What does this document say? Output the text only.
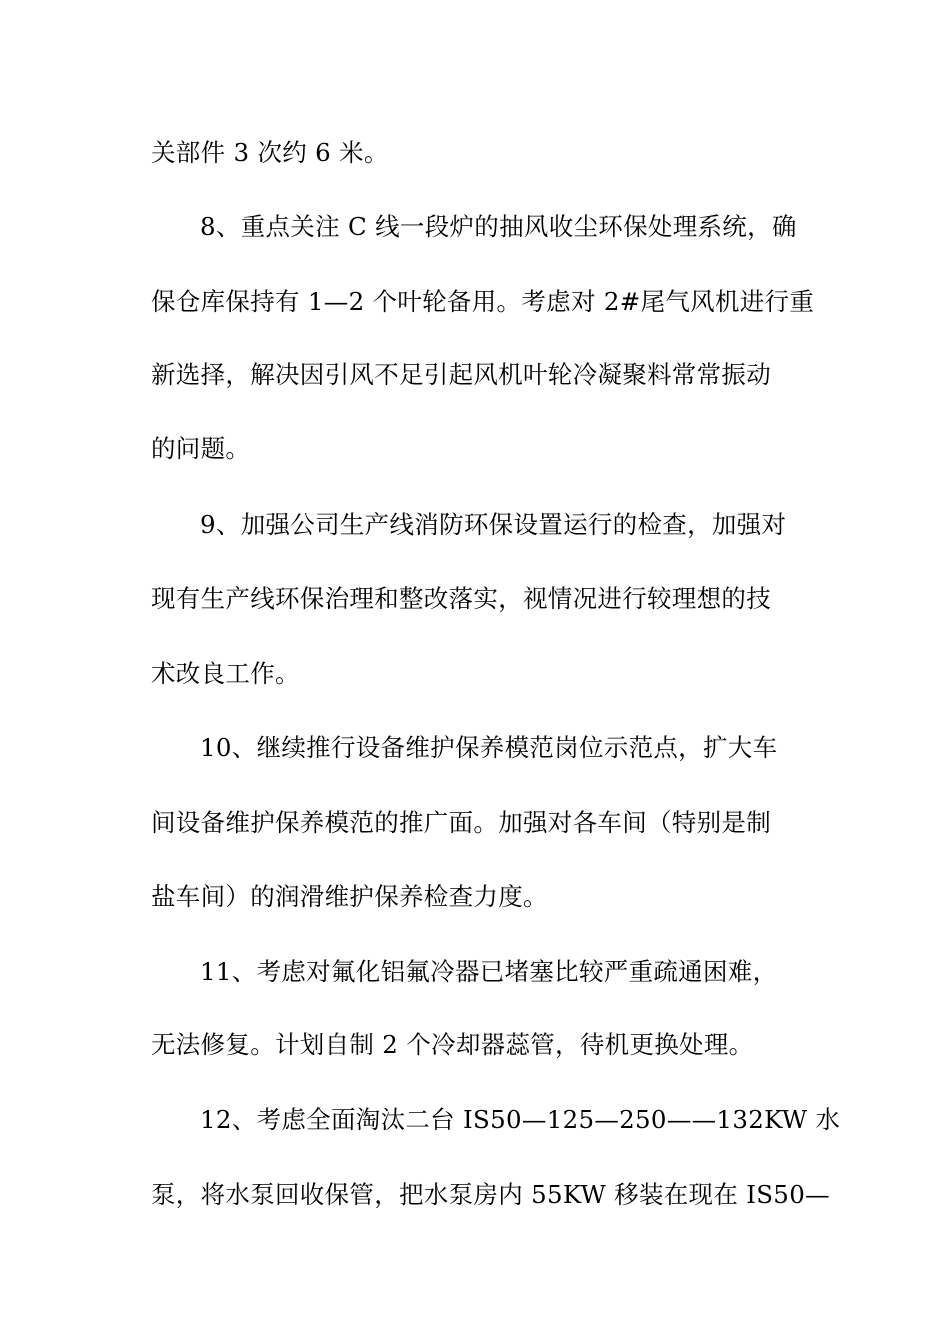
关部件 3 次约 6 米。
8、重点关注 C 线一段炉的抽风收尘环保处理系统，确
保仓库保持有 1—2 个叶轮备用。考虑对 2#尾气风机进行重
新选择，解决因引风不足引起风机叶轮冷凝聚料常常振动
的问题。
9、加强公司生产线消防环保设置运行的检查，加强对
现有生产线环保治理和整改落实，视情况进行较理想的技
术改良工作。
10、继续推行设备维护保养模范岗位示范点，扩大车
间设备维护保养模范的推广面。加强对各车间（特别是制
盐车间）的润滑维护保养检查力度。
11、考虑对氟化铝氟冷器已堵塞比较严重疏通困难，
无法修复。计划自制 2 个冷却器蕊管，待机更换处理。
12、考虑全面淘汰二台 IS50—125—250——132KW 水
泵，将水泵回收保管，把水泵房内 55KW 移装在现在 IS50—
